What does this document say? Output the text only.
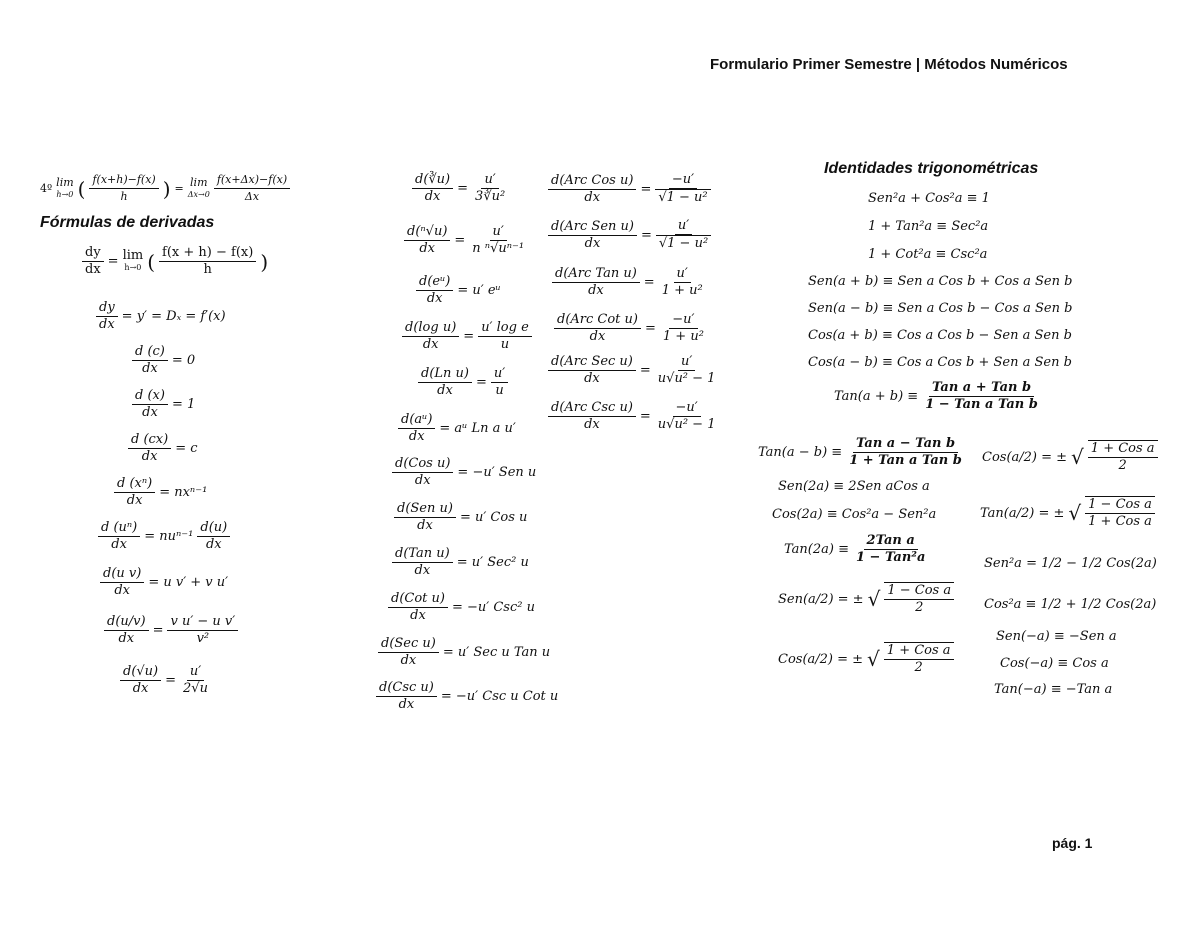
Formulario Primer Semestre | Métodos Numéricos
pág. 1
4º lim
h→0 ( f(x+h)−f(x)
h ) = lim
Δx→0
f(x+Δx)−f(x)
Δx
Fórmulas de derivadas
$\frac{dy}{dx} = \lim$
h→0 ( f(x + h) − f(x)
h )
$\frac{dy}{dx} = y' = D_x = f'(x)$
$\frac{d (c)}{dx} = 0$
$\frac{d (x)}{dx} = 1$
$\frac{d (cx)}{dx} = c$
$\frac{\text{d (xⁿ)}}{dx} = nx^{n-1}$
$\frac{\text{d (uⁿ)}}{dx} = nu^{n-1}$
d(u)
dx
$\frac{\text{d(u v)}}{dx} = u$ v′ + v u′
$\frac{d(u/v)}{dx} = \frac{\text{v u′ − u v′}}{\text{v²}}$
$\frac{d(√u)}{dx} = \frac{u'}{2√u}$
$\frac{d(∛u)}{dx} = \frac{u'}{\text{3∛u²}}$
$\frac{\text{d(ⁿ√u)}}{dx} = \frac{u'}{\text{n ⁿ√uⁿ⁻¹}}$
$\frac{\text{d(eᵘ)}}{dx} = u'$ eᵘ
$\frac{\text{d(log u)}}{dx} = \frac{\text{u′ log e}}{u}$
$\frac{\text{d(Ln u)}}{dx} = \frac{u'}{u}$
$\frac{\text{d(aᵘ)}}{dx}$ = aᵘ Ln a u′
d(Cos u)
dx
= −u′ Sen u
d(Sen u)
dx
= u′ Cos u
d(Tan u)
dx
= u′ Sec² u
d(Cot u)
dx
= −u′ Csc² u
d(Sec u)
dx
= u′ Sec u Tan u
d(Csc u)
dx
= −u′ Csc u Cot u
d(Arc Cos u)
dx
= $\frac{-u'}{\text{√1 − u²}}$
d(Arc Sen u)
dx
= $\frac{u'}{\text{√1 − u²}}$
d(Arc Tan u)
dx
= $\frac{u'}{\text{1 + u²}}$
d(Arc Cot u)
dx
= $\frac{-u'}{\text{1 + u²}}$
d(Arc Sec u)
dx
= $\frac{u'}{\text{u√u² − 1}}$
d(Arc Csc u)
dx
= $\frac{-u'}{\text{u√u² − 1}}$
Identidades trigonométricas
Sen²a + Cos²a ≡ 1
1 + Tan²a ≡ Sec²a
1 + Cot²a ≡ Csc²a
Sen(a + b) ≡ Sen a Cos b + Cos a Sen b
Sen(a − b) ≡ Sen a Cos b − Cos a Sen b
Cos(a + b) ≡ Cos a Cos b − Sen a Sen b
Cos(a − b) ≡ Cos a Cos b + Sen a Sen b
Tan(a + b) ≡
Tan a + Tan b
1 − Tan a Tan b
Tan(a − b) ≡
Tan a − Tan b
1 + Tan a Tan b
Sen(2a) ≡ 2Sen aCos a
Cos(2a) ≡ Cos²a − Sen²a
Tan(2a) ≡
2Tan a
1 − Tan²a
Sen(a/2) = ± √ 1 − Cos a
2
Cos(a/2) = ± √ 1 + Cos a
2
Cos(a/2) = ± √ 1 + Cos a
2
Tan(a/2) = ± √ 1 − Cos a
1 + Cos a
Sen²a = 1/2 − 1/2 Cos(2a)
Cos²a ≡ 1/2 + 1/2 Cos(2a)
Sen(−a) ≡ −Sen a
Cos(−a) ≡ Cos a
Tan(−a) ≡ −Tan a
